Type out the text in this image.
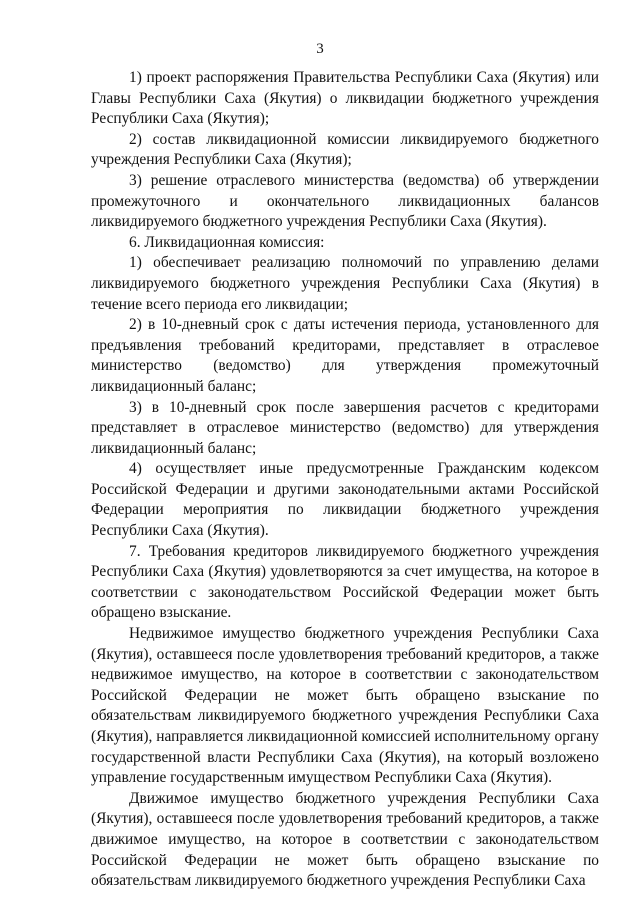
3

1) проект распоряжения Правительства Республики Саха (Якутия) или Главы Республики Саха (Якутия) о ликвидации бюджетного учреждения Республики Саха (Якутия);

2) состав ликвидационной комиссии ликвидируемого бюджетного учреждения Республики Саха (Якутия);

3) решение отраслевого министерства (ведомства) об утверждении промежуточного и окончательного ликвидационных балансов ликвидируемого бюджетного учреждения Республики Саха (Якутия).

6. Ликвидационная комиссия:

1) обеспечивает реализацию полномочий по управлению делами ликвидируемого бюджетного учреждения Республики Саха (Якутия) в течение всего периода его ликвидации;

2) в 10-дневный срок с даты истечения периода, установленного для предъявления требований кредиторами, представляет в отраслевое министерство (ведомство) для утверждения промежуточный ликвидационный баланс;

3) в 10-дневный срок после завершения расчетов с кредиторами представляет в отраслевое министерство (ведомство) для утверждения ликвидационный баланс;

4) осуществляет иные предусмотренные Гражданским кодексом Российской Федерации и другими законодательными актами Российской Федерации мероприятия по ликвидации бюджетного учреждения Республики Саха (Якутия).

7. Требования кредиторов ликвидируемого бюджетного учреждения Республики Саха (Якутия) удовлетворяются за счет имущества, на которое в соответствии с законодательством Российской Федерации может быть обращено взыскание.

Недвижимое имущество бюджетного учреждения Республики Саха (Якутия), оставшееся после удовлетворения требований кредиторов, а также недвижимое имущество, на которое в соответствии с законодательством Российской Федерации не может быть обращено взыскание по обязательствам ликвидируемого бюджетного учреждения Республики Саха (Якутия), направляется ликвидационной комиссией исполнительному органу государственной власти Республики Саха (Якутия), на который возложено управление государственным имуществом Республики Саха (Якутия).

Движимое имущество бюджетного учреждения Республики Саха (Якутия), оставшееся после удовлетворения требований кредиторов, а также движимое имущество, на которое в соответствии с законодательством Российской Федерации не может быть обращено взыскание по обязательствам ликвидируемого бюджетного учреждения Республики Саха
